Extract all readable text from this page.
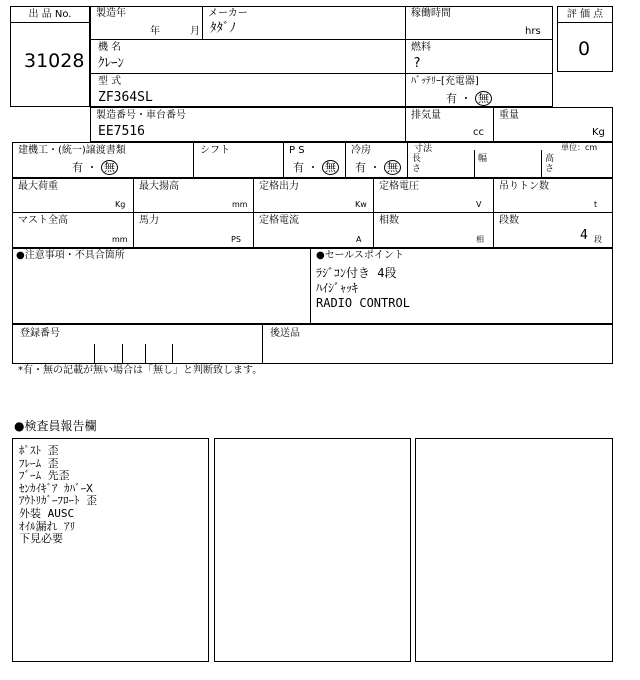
出 品 No.
31028
製造年
年	月
メーカー
ﾀﾀﾞﾉ
稼働時間
hrs
評 価 点
0
機 名
ｸﾚｰﾝ
燃料
?
型 式
ZF364SL
ﾊﾞｯﾃﾘｰ[充電器]
有 ・ 無
製造番号・車台番号
EE7516
排気量
cc
重量
Kg
建機工・(統一)譲渡書類
有 ・ 無
シフト	P S
有 ・ 無
冷房
有 ・ 無
寸法
長
さ
幅	高
さ
単位：cm
最大荷重
Kg
最大揚高
mm
定格出力
Kw
定格電圧
V
吊りトン数
t
マスト全高
mm
馬力
PS
定格電流
A
相数
相
段数
4 段
●注意事項・不具合箇所	●セールスポイント
ﾗｼﾞｺﾝ付き 4段
ﾊｲｼﾞｬｯｷ
RADIO CONTROL
登録番号	後送品
*有・無の記載が無い場合は「無し」と判断致します。
●検査員報告欄
ﾎﾟｽﾄ 歪
ﾌﾚｰﾑ 歪
ﾌﾞｰﾑ 先歪
ｾﾝｶｲｷﾞｱ ｶﾊﾞｰX
ｱｳﾄﾘｶﾞｰﾌﾛｰﾄ 歪
外装 AUSC
ｵｲﾙ漏れ ｱﾘ
下見必要
